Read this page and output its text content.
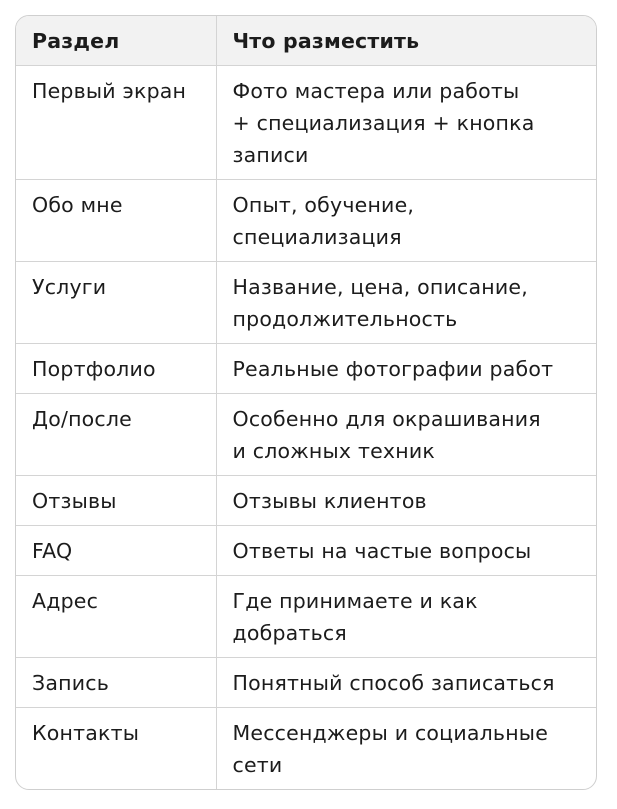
Раздел	Что разместить
Первый экран	Фото мастера или работы
+ специализация + кнопка
записи

Обо мне	Опыт, обучение,
специализация

Услуги	Название, цена, описание,
продолжительность

Портфолио	Реальные фотографии работ

До/после	Особенно для окрашивания
и сложных техник

Отзывы	Отзывы клиентов

FAQ	Ответы на частые вопросы

Адрес	Где принимаете и как
добраться

Запись	Понятный способ записаться

Контакты	Мессенджеры и социальные
сети
